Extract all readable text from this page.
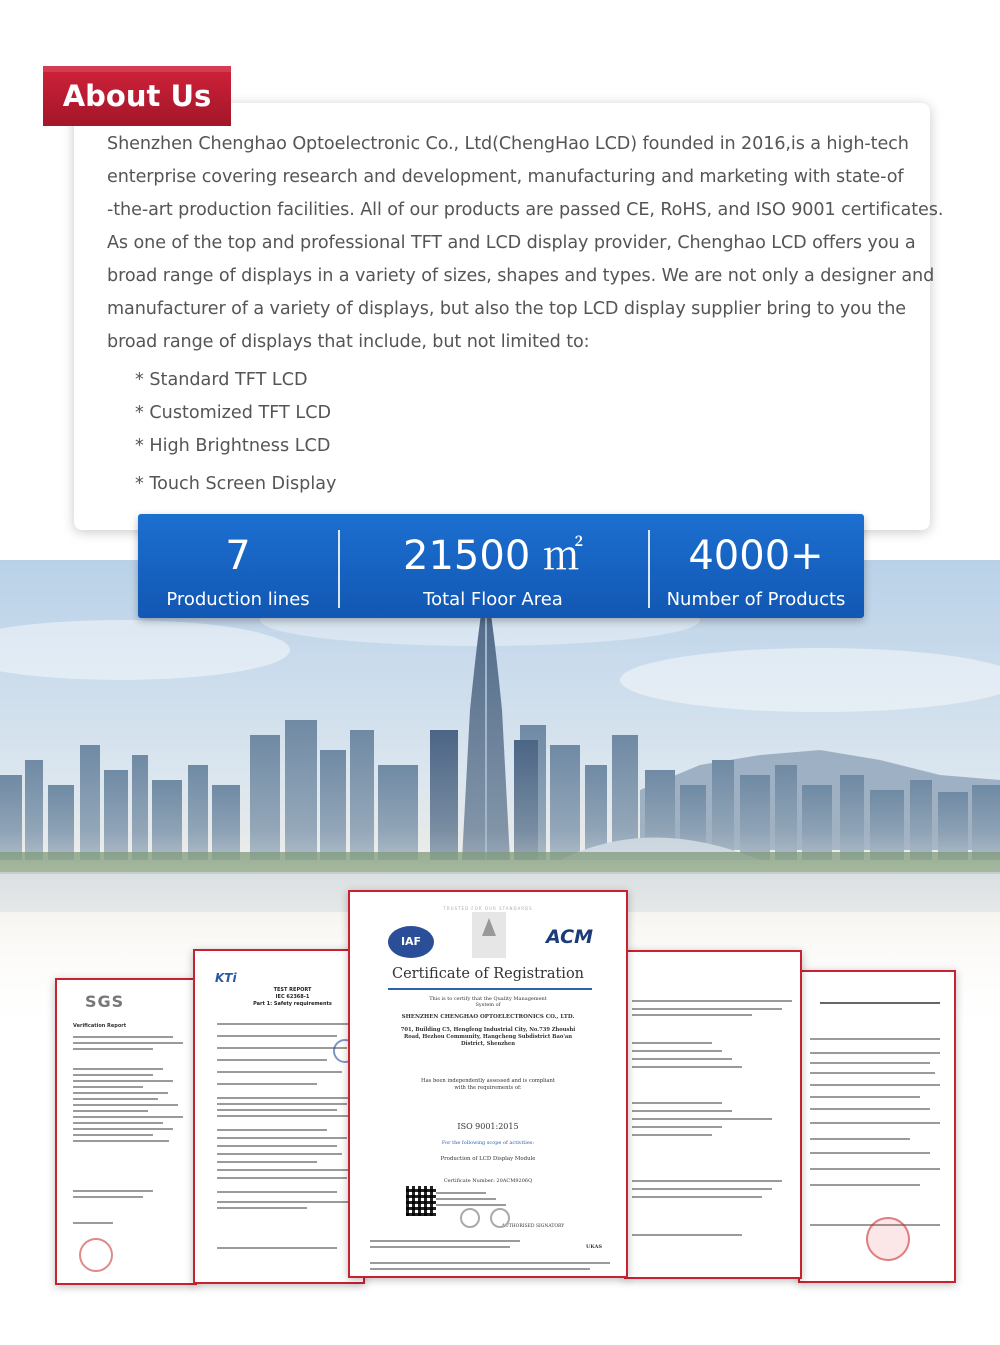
About Us
Shenzhen Chenghao Optoelectronic Co., Ltd(ChengHao LCD) founded in 2016,is a high-tech
enterprise covering research and development, manufacturing and marketing with state-of
-the-art production facilities. All of our products are passed CE, RoHS, and ISO 9001 certificates.
As one of the top and professional TFT and LCD display provider, Chenghao LCD offers you a
broad range of displays in a variety of sizes, shapes and types. We are not only a designer and
manufacturer of a variety of displays, but also the top LCD display supplier bring to you the
broad range of displays that include, but not limited to:
* Standard TFT LCD
* Customized TFT LCD
* High Brightness LCD
* Touch Screen Display
7
Production lines
21500 ㎡
Total Floor Area
4000+
Number of Products
SGS
Verification Report
KTi
TEST REPORT
IEC 62368-1
Part 1: Safety requirements
TRUSTED FOR OUR STANDARDS
IAF	ACM
Certificate of Registration
This is to certify that the Quality Management System of
SHENZHEN CHENGHAO OPTOELECTRONICS CO., LTD.
701, Building C5, Hengfeng Industrial City, No.739 Zhoushi Road, Hezhou Community, Hangcheng Subdistrict Bao'an District, Shenzhen
Has been independently assessed and is compliant with the requirements of:
ISO 9001:2015
For the following scope of activities:
Production of LCD Display Module
Certificate Number: 20ACM9206Q
AUTHORISED SIGNATORY
UKAS
